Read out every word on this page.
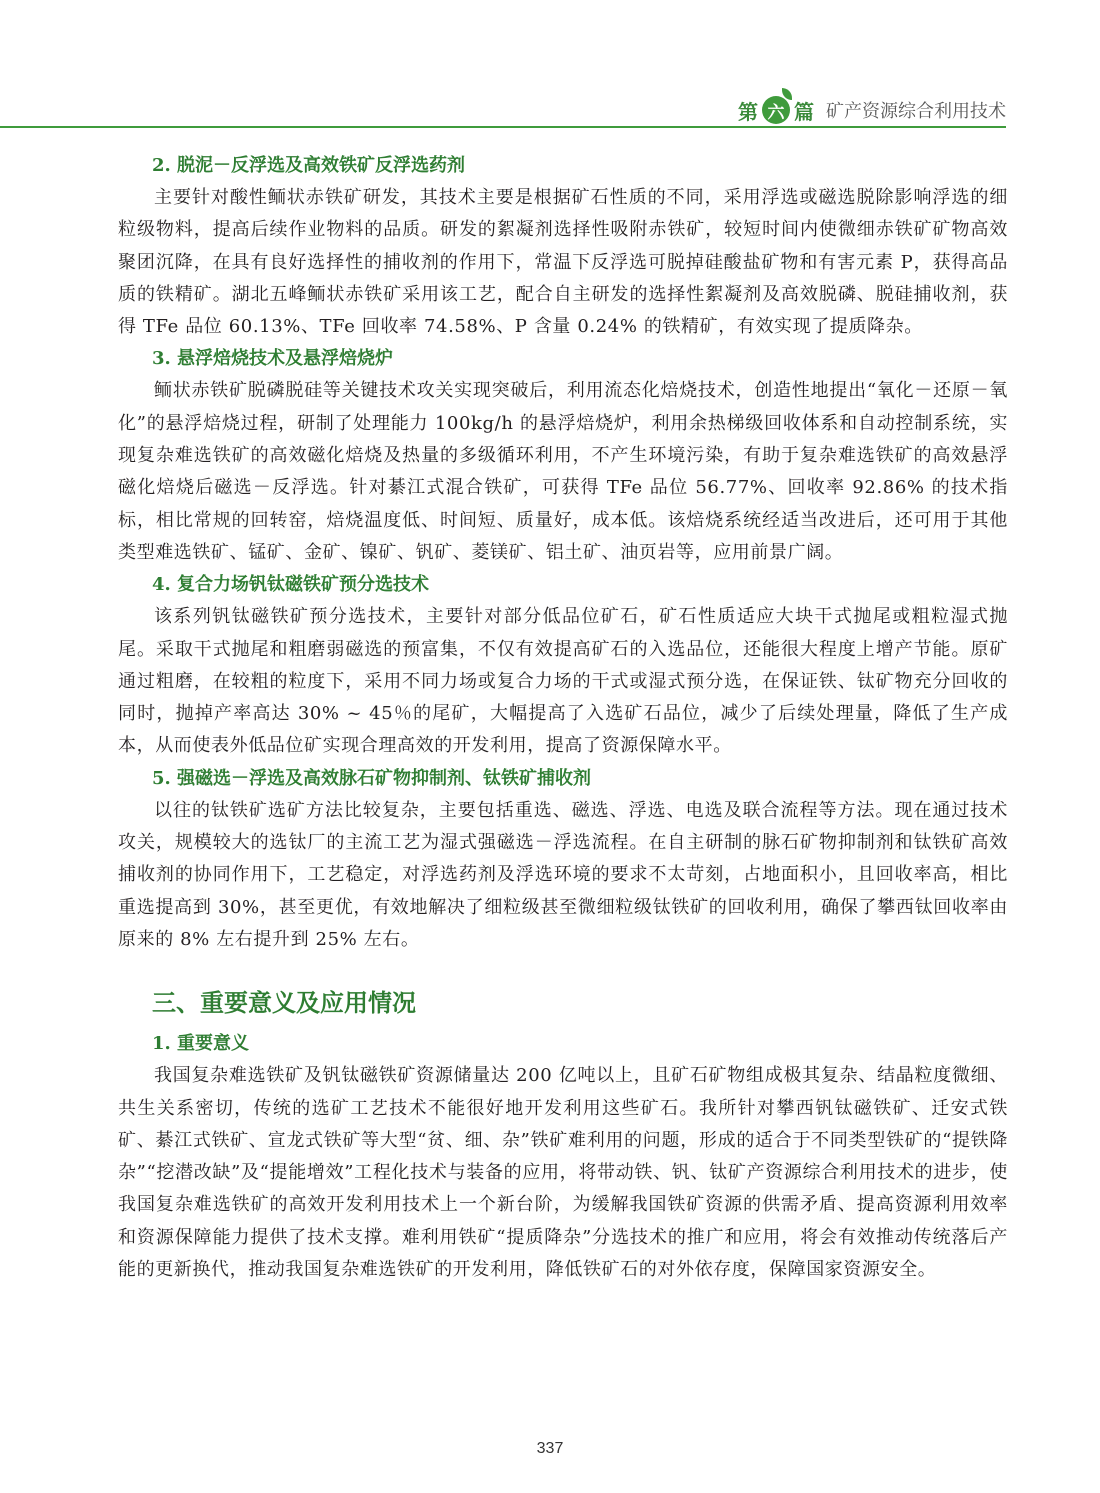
第 六 篇 矿产资源综合利用技术

2. 脱泥－反浮选及高效铁矿反浮选药剂

主要针对酸性鲕状赤铁矿研发，其技术主要是根据矿石性质的不同，采用浮选或磁选脱除影响浮选的细粒级物料，提高后续作业物料的品质。研发的絮凝剂选择性吸附赤铁矿，较短时间内使微细赤铁矿矿物高效聚团沉降，在具有良好选择性的捕收剂的作用下，常温下反浮选可脱掉硅酸盐矿物和有害元素 P，获得高品质的铁精矿。湖北五峰鲕状赤铁矿采用该工艺，配合自主研发的选择性絮凝剂及高效脱磷、脱硅捕收剂，获得 TFe 品位 60.13%、TFe 回收率 74.58%、P 含量 0.24% 的铁精矿，有效实现了提质降杂。

3. 悬浮焙烧技术及悬浮焙烧炉

鲕状赤铁矿脱磷脱硅等关键技术攻关实现突破后，利用流态化焙烧技术，创造性地提出“氧化－还原－氧化”的悬浮焙烧过程，研制了处理能力 100kg/h 的悬浮焙烧炉，利用余热梯级回收体系和自动控制系统，实现复杂难选铁矿的高效磁化焙烧及热量的多级循环利用，不产生环境污染，有助于复杂难选铁矿的高效悬浮磁化焙烧后磁选－反浮选。针对綦江式混合铁矿，可获得 TFe 品位 56.77%、回收率 92.86% 的技术指标，相比常规的回转窑，焙烧温度低、时间短、质量好，成本低。该焙烧系统经适当改进后，还可用于其他类型难选铁矿、锰矿、金矿、镍矿、钒矿、菱镁矿、铝土矿、油页岩等，应用前景广阔。

4. 复合力场钒钛磁铁矿预分选技术

该系列钒钛磁铁矿预分选技术，主要针对部分低品位矿石，矿石性质适应大块干式抛尾或粗粒湿式抛尾。采取干式抛尾和粗磨弱磁选的预富集，不仅有效提高矿石的入选品位，还能很大程度上增产节能。原矿通过粗磨，在较粗的粒度下，采用不同力场或复合力场的干式或湿式预分选，在保证铁、钛矿物充分回收的同时，抛掉产率高达 30% ~ 45％的尾矿，大幅提高了入选矿石品位，减少了后续处理量，降低了生产成本，从而使表外低品位矿实现合理高效的开发利用，提高了资源保障水平。

5. 强磁选－浮选及高效脉石矿物抑制剂、钛铁矿捕收剂

以往的钛铁矿选矿方法比较复杂，主要包括重选、磁选、浮选、电选及联合流程等方法。现在通过技术攻关，规模较大的选钛厂的主流工艺为湿式强磁选－浮选流程。在自主研制的脉石矿物抑制剂和钛铁矿高效捕收剂的协同作用下，工艺稳定，对浮选药剂及浮选环境的要求不太苛刻，占地面积小，且回收率高，相比重选提高到 30%，甚至更优，有效地解决了细粒级甚至微细粒级钛铁矿的回收利用，确保了攀西钛回收率由原来的 8% 左右提升到 25% 左右。

三、重要意义及应用情况

1. 重要意义

我国复杂难选铁矿及钒钛磁铁矿资源储量达 200 亿吨以上，且矿石矿物组成极其复杂、结晶粒度微细、共生关系密切，传统的选矿工艺技术不能很好地开发利用这些矿石。我所针对攀西钒钛磁铁矿、迁安式铁矿、綦江式铁矿、宣龙式铁矿等大型“贫、细、杂”铁矿难利用的问题，形成的适合于不同类型铁矿的“提铁降杂”“挖潜改缺”及“提能增效”工程化技术与装备的应用，将带动铁、钒、钛矿产资源综合利用技术的进步，使我国复杂难选铁矿的高效开发利用技术上一个新台阶，为缓解我国铁矿资源的供需矛盾、提高资源利用效率和资源保障能力提供了技术支撑。难利用铁矿“提质降杂”分选技术的推广和应用，将会有效推动传统落后产能的更新换代，推动我国复杂难选铁矿的开发利用，降低铁矿石的对外依存度，保障国家资源安全。

337
